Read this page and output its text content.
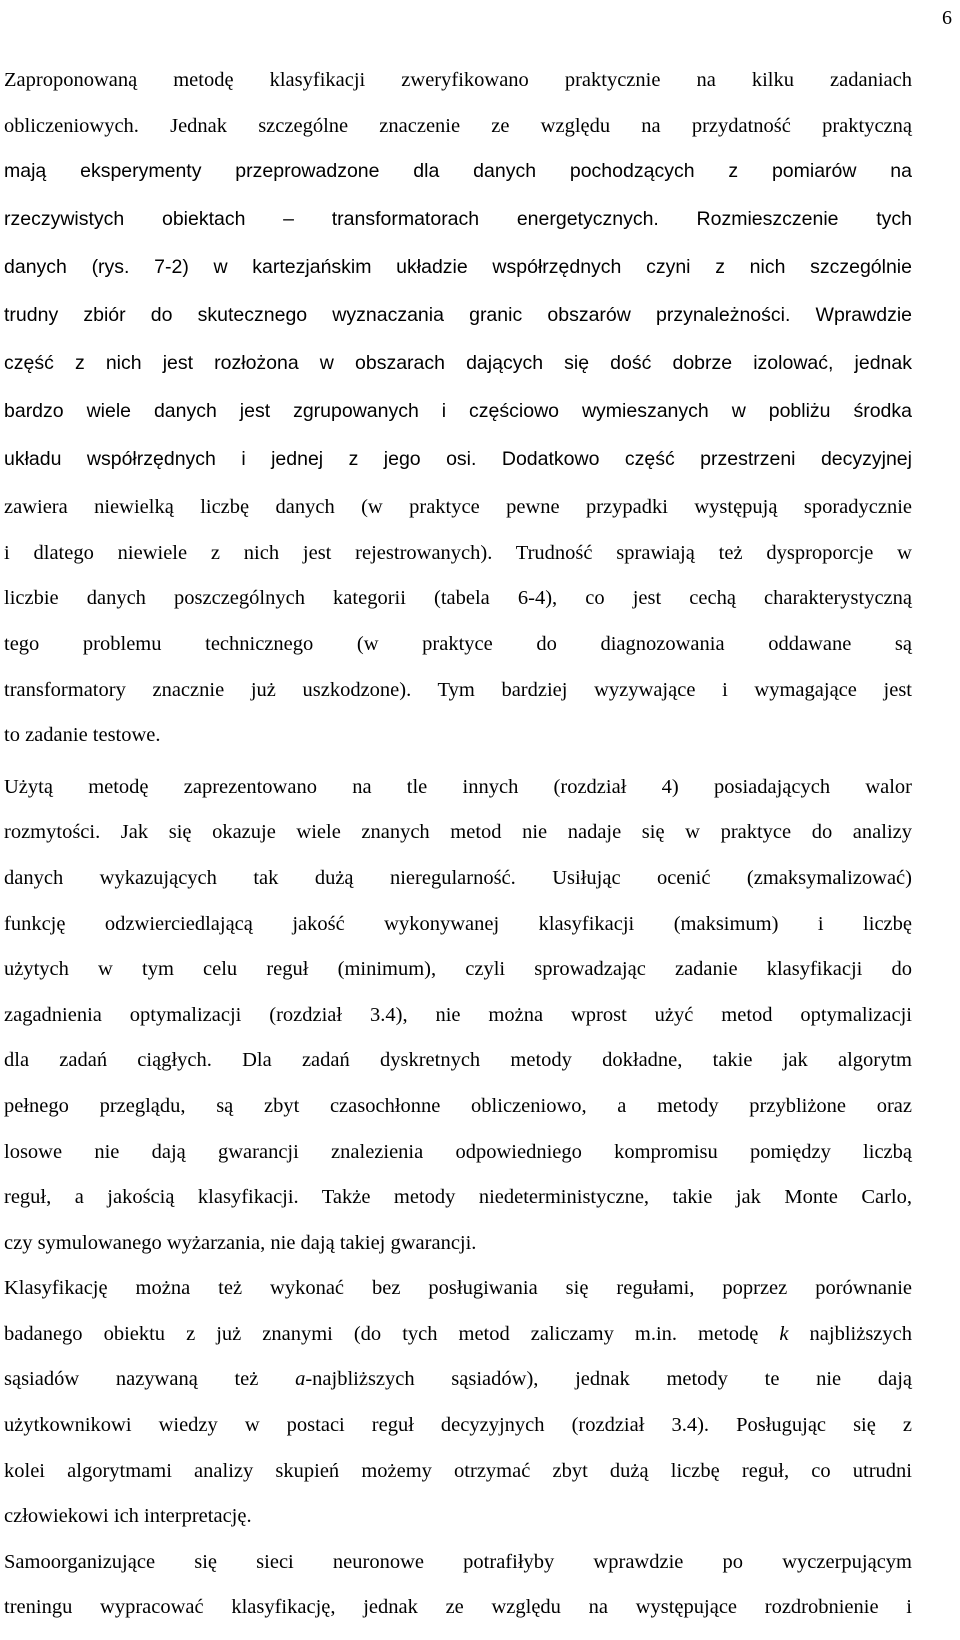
6
Zaproponowaną metodę klasyfikacji zweryfikowano praktycznie na kilku zadaniach
obliczeniowych. Jednak szczególne znaczenie ze względu na przydatność praktyczną
mają eksperymenty przeprowadzone dla danych pochodzących z pomiarów na
rzeczywistych obiektach – transformatorach energetycznych. Rozmieszczenie tych
danych (rys. 7-2) w kartezjańskim układzie współrzędnych czyni z nich szczególnie
trudny zbiór do skutecznego wyznaczania granic obszarów przynależności. Wprawdzie
część z nich jest rozłożona w obszarach dających się dość dobrze izolować, jednak
bardzo wiele danych jest zgrupowanych i częściowo wymieszanych w pobliżu środka
układu współrzędnych i jednej z jego osi. Dodatkowo część przestrzeni decyzyjnej
zawiera niewielką liczbę danych (w praktyce pewne przypadki występują sporadycznie
i dlatego niewiele z nich jest rejestrowanych). Trudność sprawiają też dysproporcje w
liczbie danych poszczególnych kategorii (tabela 6-4), co jest cechą charakterystyczną
tego problemu technicznego (w praktyce do diagnozowania oddawane są
transformatory znacznie już uszkodzone). Tym bardziej wyzywające i wymagające jest
to zadanie testowe.
Użytą metodę zaprezentowano na tle innych (rozdział 4) posiadających walor
rozmytości. Jak się okazuje wiele znanych metod nie nadaje się w praktyce do analizy
danych wykazujących tak dużą nieregularność. Usiłując ocenić (zmaksymalizować)
funkcję odzwierciedlającą jakość wykonywanej klasyfikacji (maksimum) i liczbę
użytych w tym celu reguł (minimum), czyli sprowadzając zadanie klasyfikacji do
zagadnienia optymalizacji (rozdział 3.4), nie można wprost użyć metod optymalizacji
dla zadań ciągłych. Dla zadań dyskretnych metody dokładne, takie jak algorytm
pełnego przeglądu, są zbyt czasochłonne obliczeniowo, a metody przybliżone oraz
losowe nie dają gwarancji znalezienia odpowiedniego kompromisu pomiędzy liczbą
reguł, a jakością klasyfikacji. Także metody niedeterministyczne, takie jak Monte Carlo,
czy symulowanego wyżarzania, nie dają takiej gwarancji.
Klasyfikację można też wykonać bez posługiwania się regułami, poprzez porównanie
badanego obiektu z już znanymi (do tych metod zaliczamy m.in. metodę k najbliższych
sąsiadów nazywaną też a-najbliższych sąsiadów), jednak metody te nie dają
użytkownikowi wiedzy w postaci reguł decyzyjnych (rozdział 3.4). Posługując się z
kolei algorytmami analizy skupień możemy otrzymać zbyt dużą liczbę reguł, co utrudni
człowiekowi ich interpretację.
Samoorganizujące się sieci neuronowe potrafiłyby wprawdzie po wyczerpującym
treningu wypracować klasyfikację, jednak ze względu na występujące rozdrobnienie i
